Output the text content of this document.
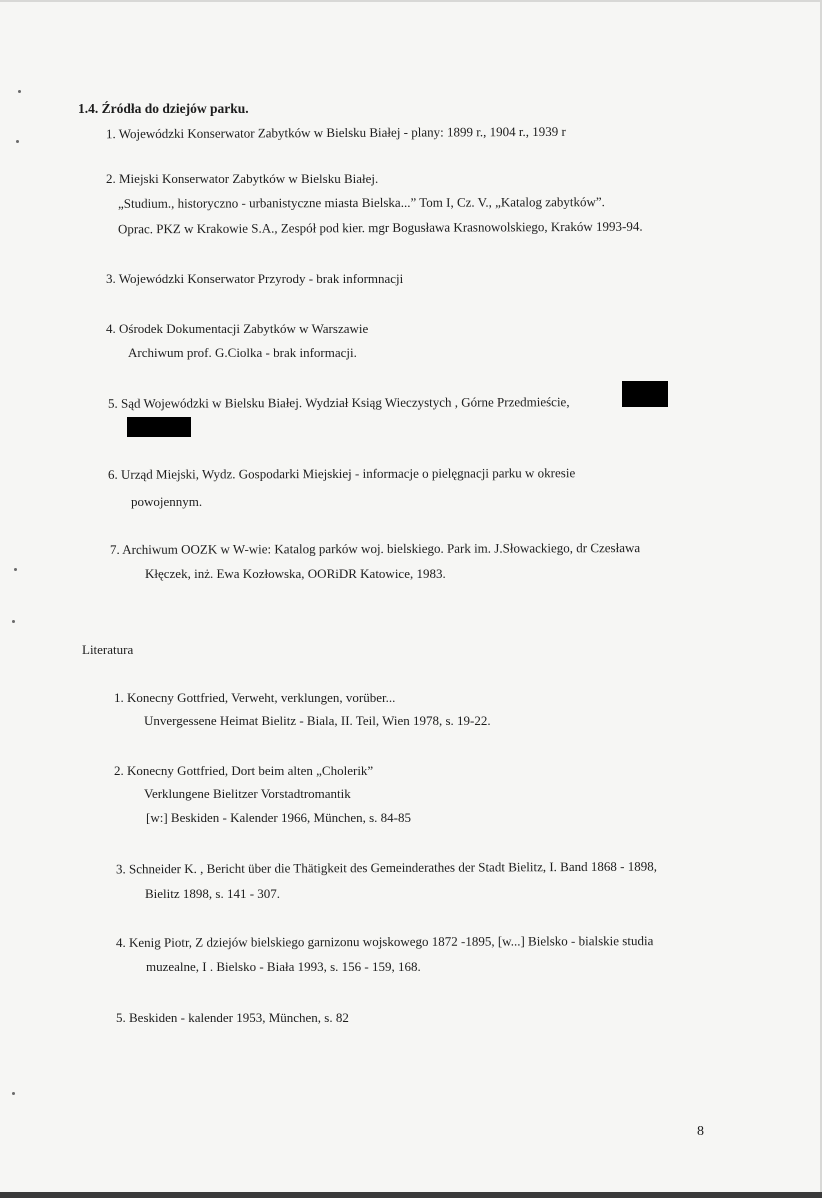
1.4. Źródła do dziejów parku.
1. Wojewódzki Konserwator Zabytków w Bielsku Białej - plany: 1899 r., 1904 r., 1939 r
2. Miejski Konserwator Zabytków w Bielsku Białej.
„Studium., historyczno - urbanistyczne miasta Bielska...” Tom I, Cz. V., „Katalog zabytków”.
Oprac. PKZ w Krakowie S.A., Zespół pod kier. mgr Bogusława Krasnowolskiego, Kraków 1993-94.
3. Wojewódzki Konserwator Przyrody - brak informnacji
4. Ośrodek Dokumentacji Zabytków w Warszawie
Archiwum prof. G.Ciolka - brak informacji.
5. Sąd Wojewódzki w Bielsku Białej. Wydział Ksiąg Wieczystych , Górne Przedmieście,
6. Urząd Miejski, Wydz. Gospodarki Miejskiej - informacje o pielęgnacji parku w okresie
powojennym.
7. Archiwum OOZK w W-wie: Katalog parków woj. bielskiego. Park im. J.Słowackiego, dr Czesława
Kłęczek, inż. Ewa Kozłowska, OORiDR Katowice, 1983.
Literatura
1. Konecny Gottfried, Verweht, verklungen, vorüber...
Unvergessene Heimat Bielitz - Biala, II. Teil, Wien 1978, s. 19-22.
2. Konecny Gottfried, Dort beim alten „Cholerik”
Verklungene Bielitzer Vorstadtromantik
[w:] Beskiden - Kalender 1966, München, s. 84-85
3. Schneider K. , Bericht über die Thätigkeit des Gemeinderathes der Stadt Bielitz, I. Band 1868 - 1898,
Bielitz 1898, s. 141 - 307.
4. Kenig Piotr, Z dziejów bielskiego garnizonu wojskowego 1872 -1895, [w...] Bielsko - bialskie studia
muzealne, I . Bielsko - Biała 1993, s. 156 - 159, 168.
5. Beskiden - kalender 1953, München, s. 82
8
